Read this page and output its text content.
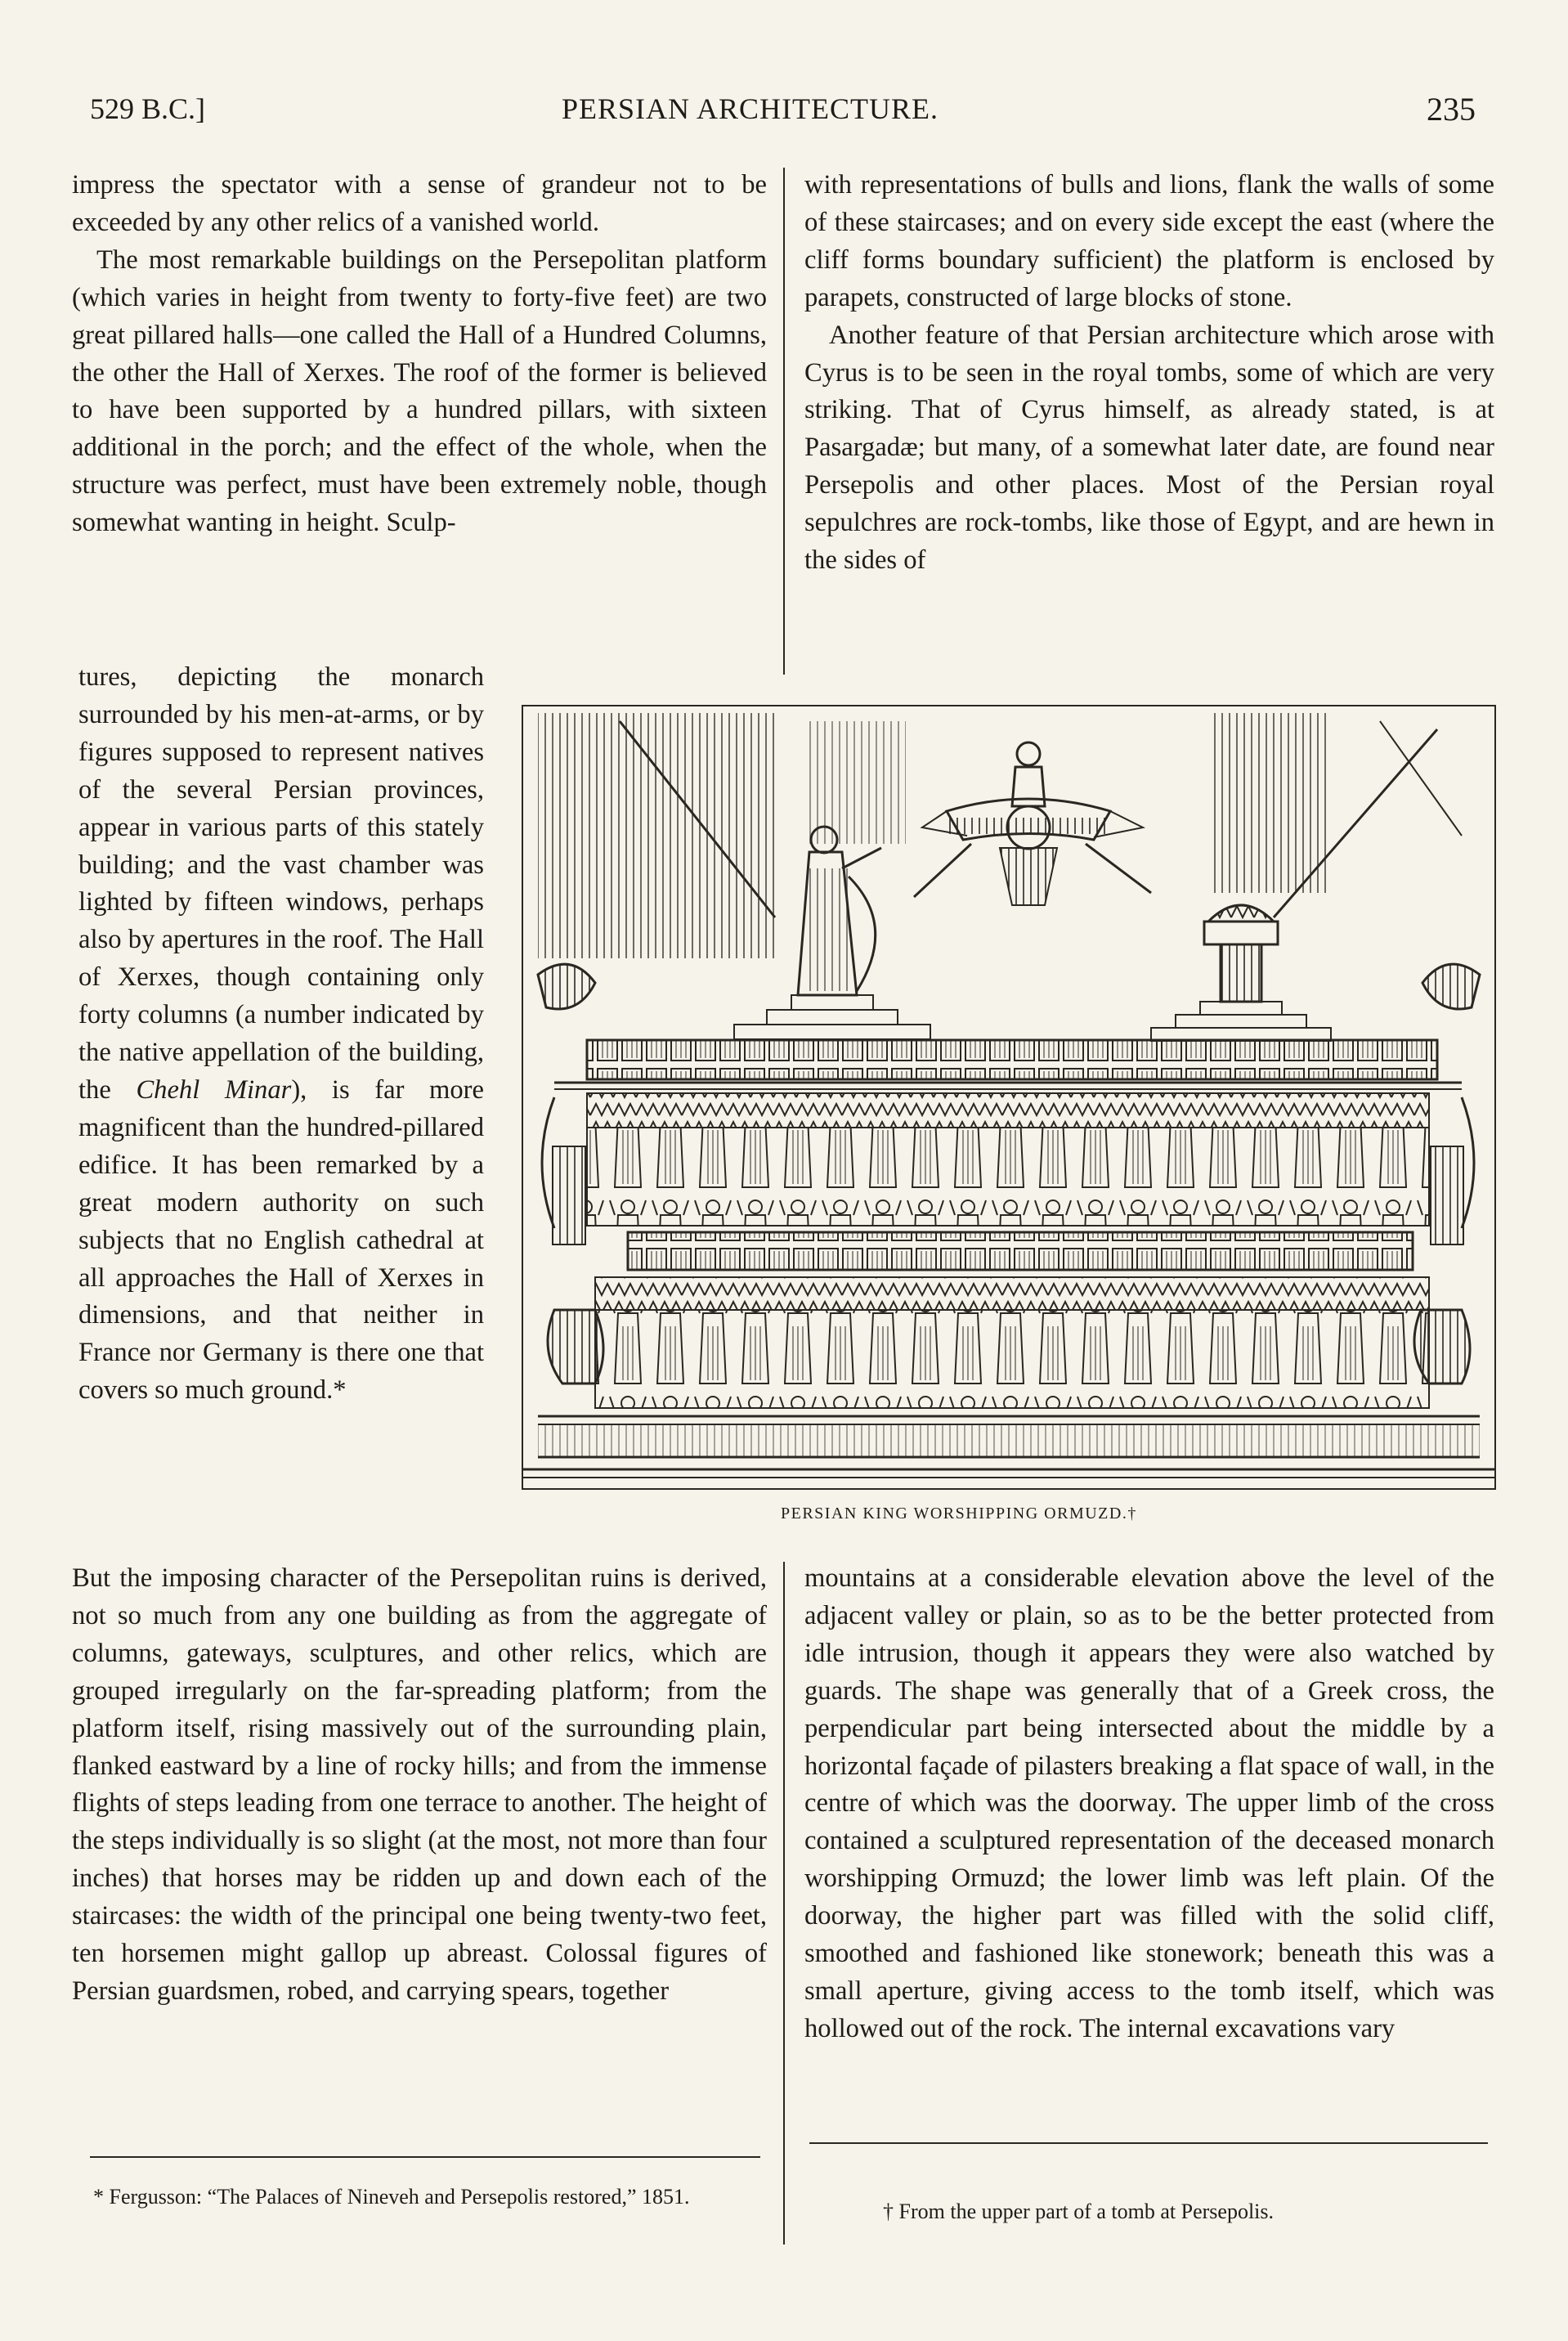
529 B.C.]	PERSIAN ARCHITECTURE.	235

impress the spectator with a sense of grandeur not to be exceeded by any other relics of a vanished world.

The most remarkable buildings on the Persepolitan platform (which varies in height from twenty to forty-five feet) are two great pillared halls—one called the Hall of a Hundred Columns, the other the Hall of Xerxes. The roof of the former is believed to have been supported by a hundred pillars, with sixteen additional in the porch; and the effect of the whole, when the structure was perfect, must have been extremely noble, though somewhat wanting in height. Sculp-

tures, depicting the monarch surrounded by his men-at-arms, or by figures supposed to represent natives of the several Persian provinces, appear in various parts of this stately building; and the vast chamber was lighted by fifteen windows, perhaps also by apertures in the roof. The Hall of Xerxes, though containing only forty columns (a number indicated by the native appellation of the building, the Chehl Minar), is far more magnificent than the hundred-pillared edifice. It has been remarked by a great modern authority on such subjects that no English cathedral at all approaches the Hall of Xerxes in dimensions, and that neither in France nor Germany is there one that covers so much ground.*

But the imposing character of the Persepolitan ruins is derived, not so much from any one building as from the aggregate of columns, gateways, sculptures, and other relics, which are grouped irregularly on the far-spreading platform; from the platform itself, rising massively out of the surrounding plain, flanked eastward by a line of rocky hills; and from the immense flights of steps leading from one terrace to another. The height of the steps individually is so slight (at the most, not more than four inches) that horses may be ridden up and down each of the staircases: the width of the principal one being twenty-two feet, ten horsemen might gallop up abreast. Colossal figures of Persian guardsmen, robed, and carrying spears, together

with representations of bulls and lions, flank the walls of some of these staircases; and on every side except the east (where the cliff forms boundary sufficient) the platform is enclosed by parapets, constructed of large blocks of stone.

Another feature of that Persian architecture which arose with Cyrus is to be seen in the royal tombs, some of which are very striking. That of Cyrus himself, as already stated, is at Pasargadæ; but many, of a somewhat later date, are found near Persepolis and other places. Most of the Persian royal sepulchres are rock-tombs, like those of Egypt, and are hewn in the sides of

mountains at a considerable elevation above the level of the adjacent valley or plain, so as to be the better protected from idle intrusion, though it appears they were also watched by guards. The shape was generally that of a Greek cross, the perpendicular part being intersected about the middle by a horizontal façade of pilasters breaking a flat space of wall, in the centre of which was the doorway. The upper limb of the cross contained a sculptured representation of the deceased monarch worshipping Ormuzd; the lower limb was left plain. Of the doorway, the higher part was filled with the solid cliff, smoothed and fashioned like stonework; beneath this was a small aperture, giving access to the tomb itself, which was hollowed out of the rock. The internal excavations vary

PERSIAN KING WORSHIPPING ORMUZD.†
* Fergusson: “The Palaces of Nineveh and Persepolis restored,” 1851.
† From the upper part of a tomb at Persepolis.
